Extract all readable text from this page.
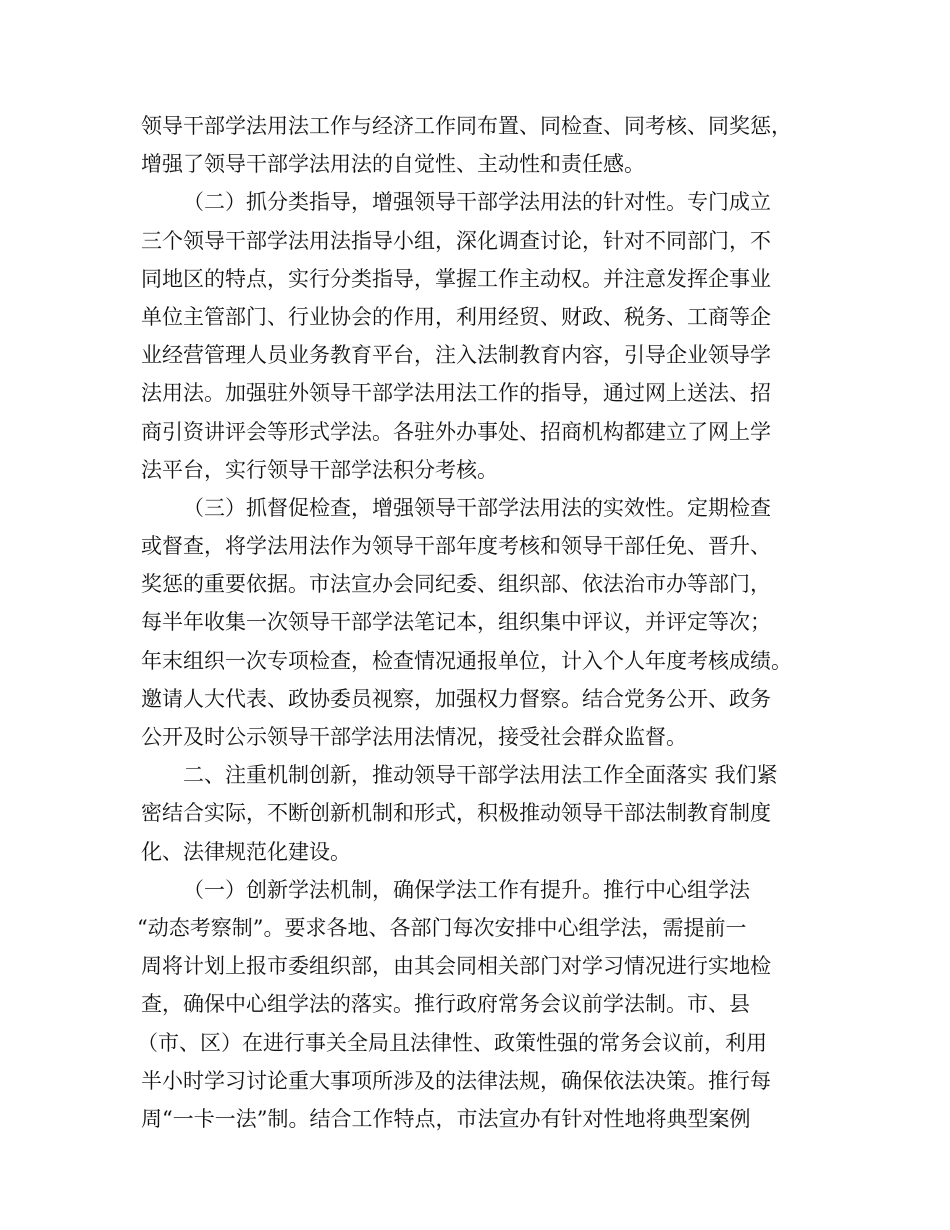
领导干部学法用法工作与经济工作同布置、同检查、同考核、同奖惩，
增强了领导干部学法用法的自觉性、主动性和责任感。
（二）抓分类指导，增强领导干部学法用法的针对性。专门成立
三个领导干部学法用法指导小组，深化调查讨论，针对不同部门，不
同地区的特点，实行分类指导，掌握工作主动权。并注意发挥企事业
单位主管部门、行业协会的作用，利用经贸、财政、税务、工商等企
业经营管理人员业务教育平台，注入法制教育内容，引导企业领导学
法用法。加强驻外领导干部学法用法工作的指导，通过网上送法、招
商引资讲评会等形式学法。各驻外办事处、招商机构都建立了网上学
法平台，实行领导干部学法积分考核。
（三）抓督促检查，增强领导干部学法用法的实效性。定期检查
或督查，将学法用法作为领导干部年度考核和领导干部任免、晋升、
奖惩的重要依据。市法宣办会同纪委、组织部、依法治市办等部门，
每半年收集一次领导干部学法笔记本，组织集中评议，并评定等次；
年末组织一次专项检查，检查情况通报单位，计入个人年度考核成绩。
邀请人大代表、政协委员视察，加强权力督察。结合党务公开、政务
公开及时公示领导干部学法用法情况，接受社会群众监督。
二、注重机制创新，推动领导干部学法用法工作全面落实 我们紧
密结合实际，不断创新机制和形式，积极推动领导干部法制教育制度
化、法律规范化建设。
（一）创新学法机制，确保学法工作有提升。推行中心组学法
“动态考察制”。要求各地、各部门每次安排中心组学法，需提前一
周将计划上报市委组织部，由其会同相关部门对学习情况进行实地检
查，确保中心组学法的落实。推行政府常务会议前学法制。市、县
（市、区）在进行事关全局且法律性、政策性强的常务会议前，利用
半小时学习讨论重大事项所涉及的法律法规，确保依法决策。推行每
周“一卡一法”制。结合工作特点，市法宣办有针对性地将典型案例
